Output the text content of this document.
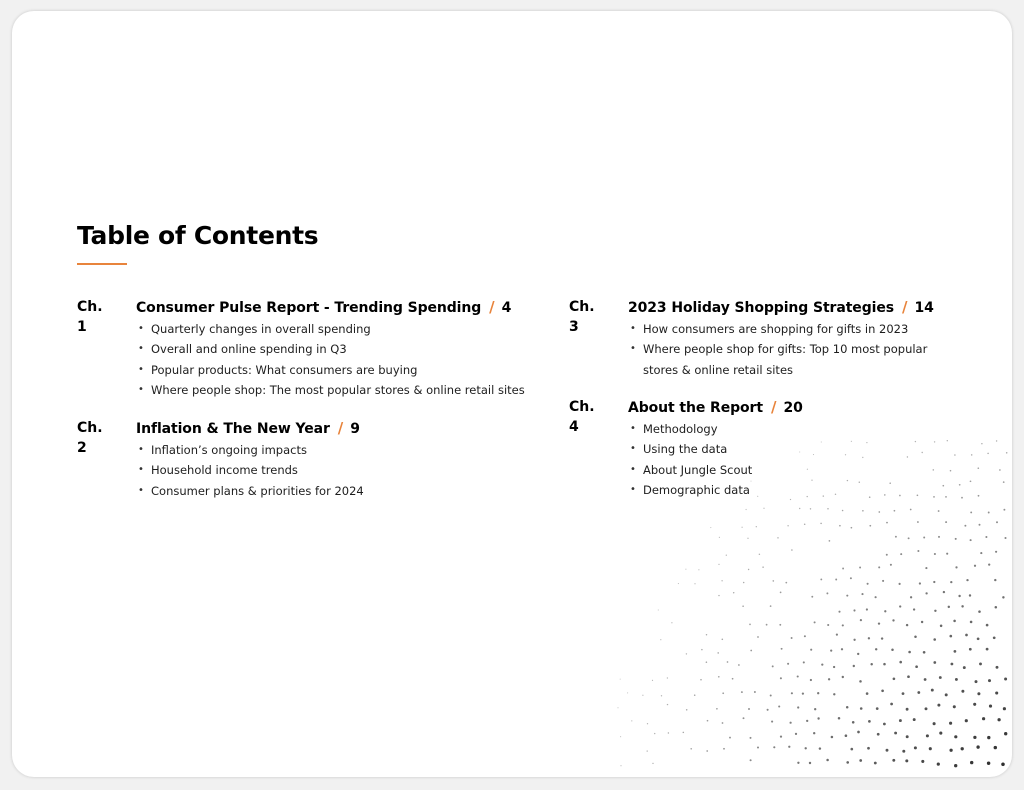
Table of Contents
Ch. 1
Consumer Pulse Report - Trending Spending / 4
• Quarterly changes in overall spending
• Overall and online spending in Q3
• Popular products: What consumers are buying
• Where people shop: The most popular stores & online retail sites
Ch. 2
Inflation & The New Year / 9
• Inflation’s ongoing impacts
• Household income trends
• Consumer plans & priorities for 2024
Ch. 3
2023 Holiday Shopping Strategies / 14
• How consumers are shopping for gifts in 2023
• Where people shop for gifts: Top 10 most popular
stores & online retail sites
Ch. 4
About the Report / 20
• Methodology
• Using the data
• About Jungle Scout
• Demographic data
